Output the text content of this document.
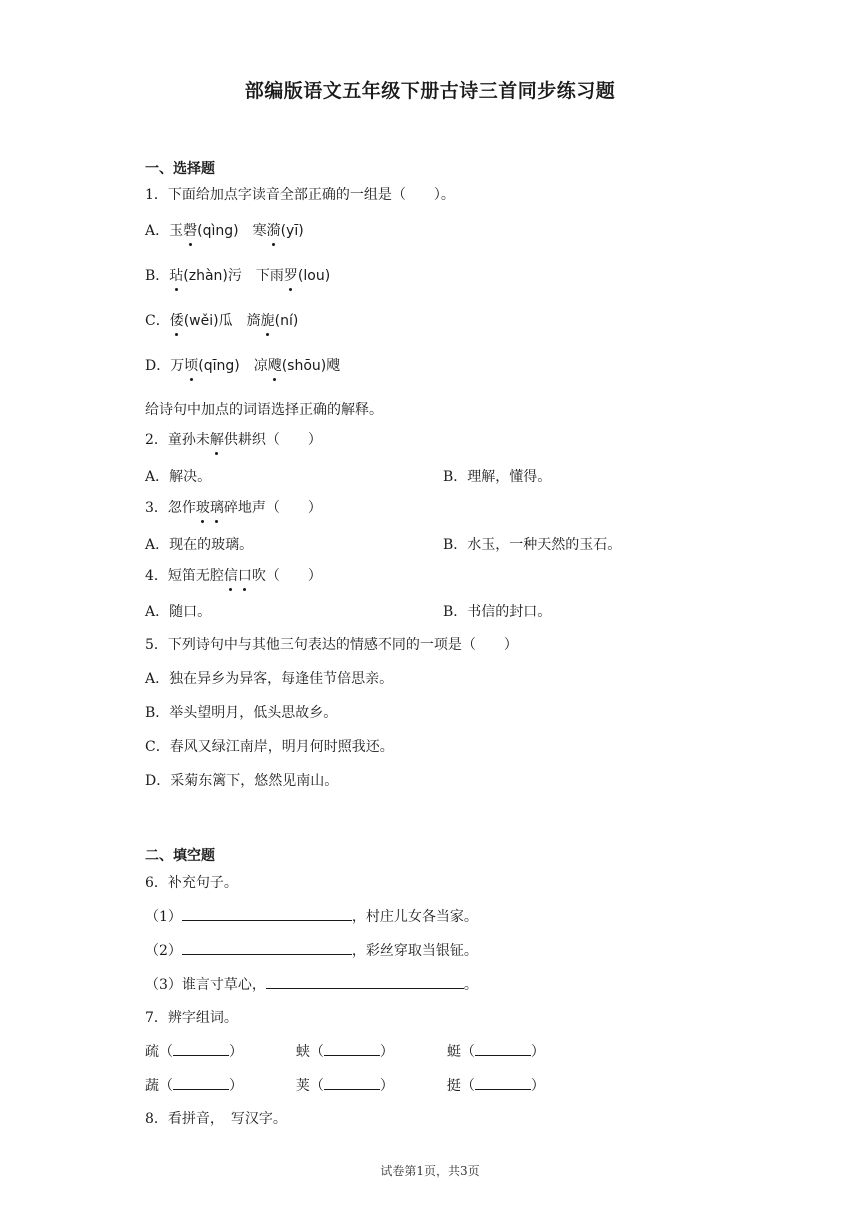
部编版语文五年级下册古诗三首同步练习题
一、选择题
1．下面给加点字读音全部正确的一组是（　　）。
A．玉磬(qìng) 寒漪(yī)
B．玷(zhàn)污 下雨罗(lou)
C．倭(wěi)瓜 旖旎(ní)
D．万顷(qīng) 凉飕(shōu)飕
给诗句中加点的词语选择正确的解释。
2．童孙未解供耕织（　　）
A．解决。	B．理解，懂得。
3．忽作玻璃碎地声（　　）
A．现在的玻璃。	B．水玉，一种天然的玉石。
4．短笛无腔信口吹（　　）
A．随口。	B．书信的封口。
5．下列诗句中与其他三句表达的情感不同的一项是（　　）
A．独在异乡为异客，每逢佳节倍思亲。
B．举头望明月，低头思故乡。
C．春风又绿江南岸，明月何时照我还。
D．采菊东篱下，悠然见南山。
二、填空题
6．补充句子。
（1）	，村庄儿女各当家。
（2）	，彩丝穿取当银钲。
（3）谁言寸草心，	。
7．辨字组词。
疏（	）	蛱（	）	蜓（	）
蔬（	）	荚（	）	挺（	）
8．看拼音，　写汉字。
试卷第1页，共3页
